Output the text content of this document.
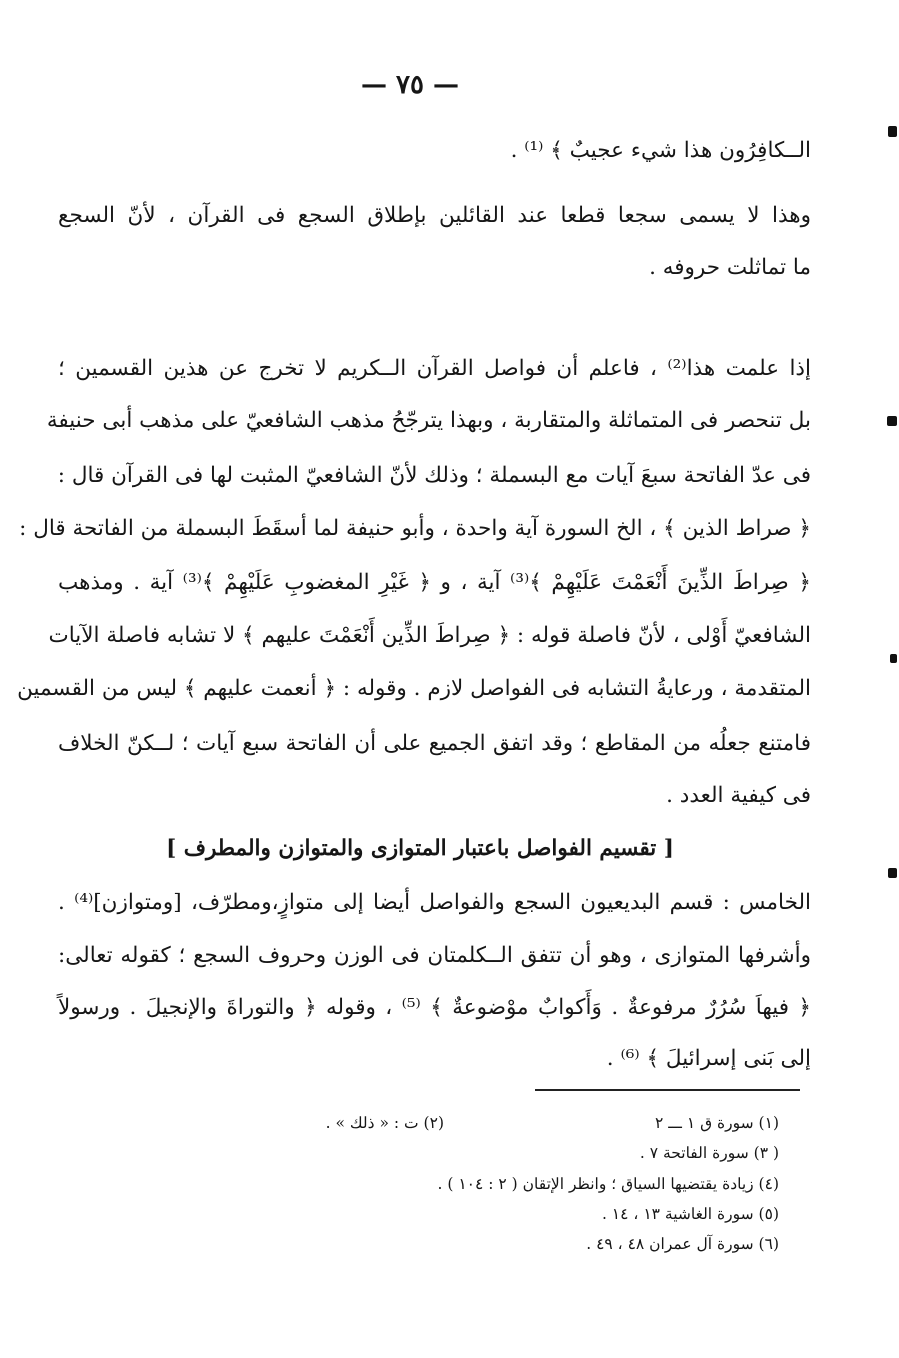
— ٧٥ —
الــكافِرُون هذا شيء عجيبٌ ﴾ ⁽¹⁾ .
وهذا لا يسمى سجعا قطعا عند القائلين بإطلاق السجع فى القرآن ، لأنّ السجع
ما تماثلت حروفه .
إذا علمت هذا⁽²⁾ ، فاعلم أن فواصل القرآن الــكريم لا تخرج عن هذين القسمين ؛
بل تنحصر فى المتماثلة والمتقاربة ، وبهذا يترجّحُ مذهب الشافعيّ على مذهب أبى حنيفة
فى عدّ الفاتحة سبعَ آيات مع البسملة ؛ وذلك لأنّ الشافعيّ المثبت لها فى القرآن قال :
﴿ صراط الذين ﴾ ، الخ السورة آية واحدة ، وأبو حنيفة لما أسقَطَ البسملة من الفاتحة قال :
﴿ صِراطَ الذِّينَ أَنْعَمْتَ عَلَيْهِمْ ﴾⁽³⁾ آية ، و ﴿ غَيْرِ المغضوبِ عَلَيْهِمْ ﴾⁽³⁾ آية . ومذهب
الشافعيّ أَوْلى ، لأنّ فاصلة قوله : ﴿ صِراطَ الذِّين أَنْعَمْتَ عليهم ﴾ لا تشابه فاصلة الآيات
المتقدمة ، ورعايةُ التشابه فى الفواصل لازم . وقوله : ﴿ أنعمت عليهم ﴾ ليس من القسمين
فامتنع جعلُه من المقاطع ؛ وقد اتفق الجميع على أن الفاتحة سبع آيات ؛ لــكنّ الخلاف
فى كيفية العدد .
[ تقسيم الفواصل باعتبار المتوازى والمتوازن والمطرف ]
الخامس : قسم البديعيون السجع والفواصل أيضا إلى متوازٍ،ومطرّف، [ومتوازن]⁽⁴⁾ .
وأشرفها المتوازى ، وهو أن تتفق الــكلمتان فى الوزن وحروف السجع ؛ كقوله تعالى:
﴿ فيهاَ سُرُرٌ مرفوعةٌ . وَأَكوابٌ موْضوعةٌ ﴾ ⁽⁵⁾ ، وقوله ﴿ والتوراةَ والإنجيلَ . ورسولاً
إلى بَنى إسرائيلَ ﴾ ⁽⁶⁾ .
(١) سورة ق ١ ـــ ٢
(٢) ت : « ذلك » .
( ٣) سورة الفاتحة ٧ .
(٤) زيادة يقتضيها السياق ؛ وانظر الإتقان ( ٢ : ١٠٤ ) .
(٥) سورة الغاشية ١٣ ، ١٤ .
(٦) سورة آل عمران ٤٨ ، ٤٩ .
